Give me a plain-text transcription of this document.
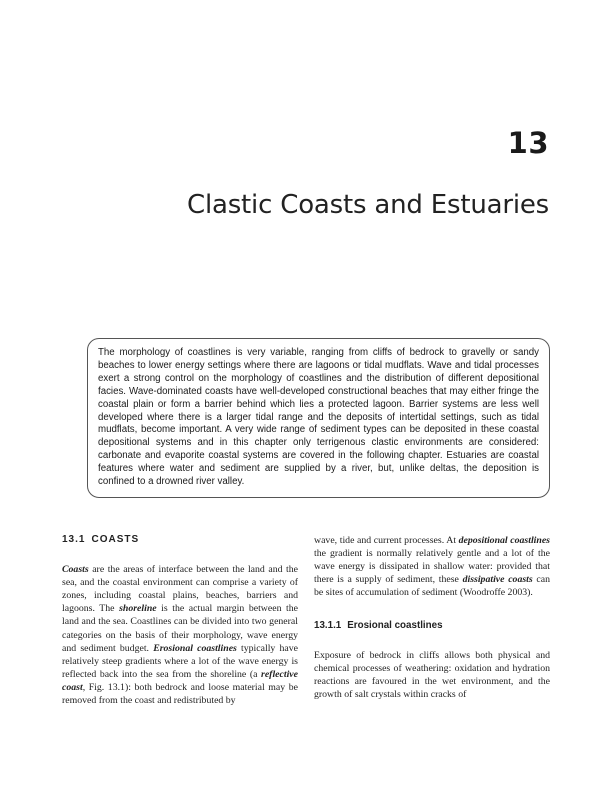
13
Clastic Coasts and Estuaries

The morphology of coastlines is very variable, ranging from cliffs of bedrock to gravelly or sandy beaches to lower energy settings where there are lagoons or tidal mudflats. Wave and tidal processes exert a strong control on the morphology of coastlines and the distribution of different depositional facies. Wave-dominated coasts have well-developed constructional beaches that may either fringe the coastal plain or form a barrier behind which lies a protected lagoon. Barrier systems are less well developed where there is a larger tidal range and the deposits of intertidal settings, such as tidal mudflats, become important. A very wide range of sediment types can be deposited in these coastal depositional systems and in this chapter only terrigenous clastic environments are considered: carbonate and evaporite coastal systems are covered in the following chapter. Estuaries are coastal features where water and sediment are supplied by a river, but, unlike deltas, the deposition is confined to a drowned river valley.

13.1 COASTS

Coasts are the areas of interface between the land and the sea, and the coastal environment can comprise a variety of zones, including coastal plains, beaches, barriers and lagoons. The shoreline is the actual margin between the land and the sea. Coastlines can be divided into two general categories on the basis of their morphology, wave energy and sediment budget. Erosional coastlines typically have relatively steep gradients where a lot of the wave energy is reflected back into the sea from the shoreline (a reflective coast, Fig. 13.1): both bedrock and loose material may be removed from the coast and redistributed by

wave, tide and current processes. At depositional coastlines the gradient is normally relatively gentle and a lot of the wave energy is dissipated in shallow water: provided that there is a supply of sediment, these dissipative coasts can be sites of accumulation of sediment (Woodroffe 2003).

13.1.1 Erosional coastlines

Exposure of bedrock in cliffs allows both physical and chemical processes of weathering: oxidation and hydration reactions are favoured in the wet environment, and the growth of salt crystals within cracks of
